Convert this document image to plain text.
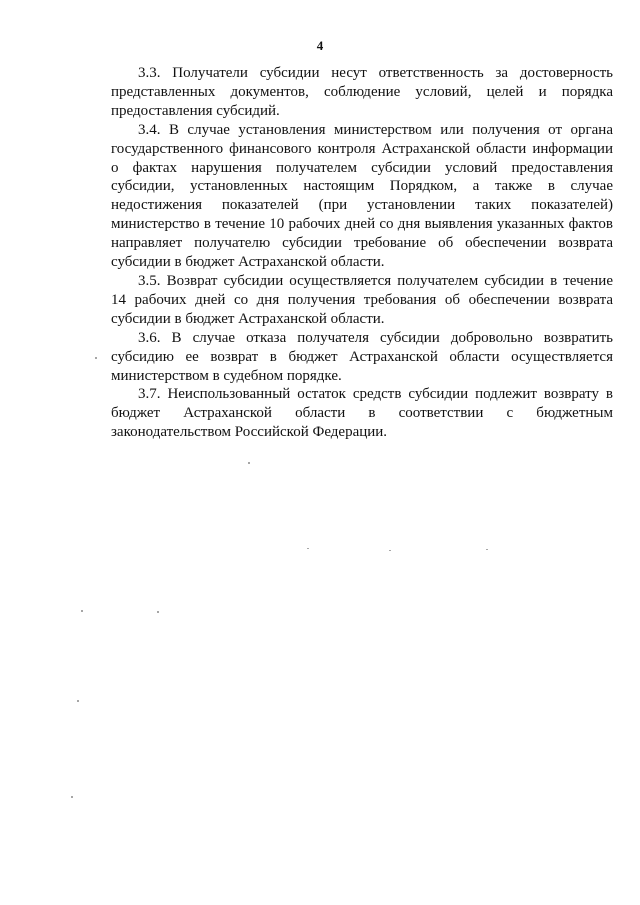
4

3.3. Получатели субсидии несут ответственность за достоверность представленных документов, соблюдение условий, целей и порядка предоставления субсидий.

3.4. В случае установления министерством или получения от органа государственного финансового контроля Астраханской области информации о фактах нарушения получателем субсидии условий предоставления субсидии, установленных настоящим Порядком, а также в случае недостижения показателей (при установлении таких показателей) министерство в течение 10 рабочих дней со дня выявления указанных фактов направляет получателю субсидии требование об обеспечении возврата субсидии в бюджет Астраханской области.

3.5. Возврат субсидии осуществляется получателем субсидии в течение 14 рабочих дней со дня получения требования об обеспечении возврата субсидии в бюджет Астраханской области.

3.6. В случае отказа получателя субсидии добровольно возвратить субсидию ее возврат в бюджет Астраханской области осуществляется министерством в судебном порядке.

3.7. Неиспользованный остаток средств субсидии подлежит возврату в бюджет Астраханской области в соответствии с бюджетным законодательством Российской Федерации.
